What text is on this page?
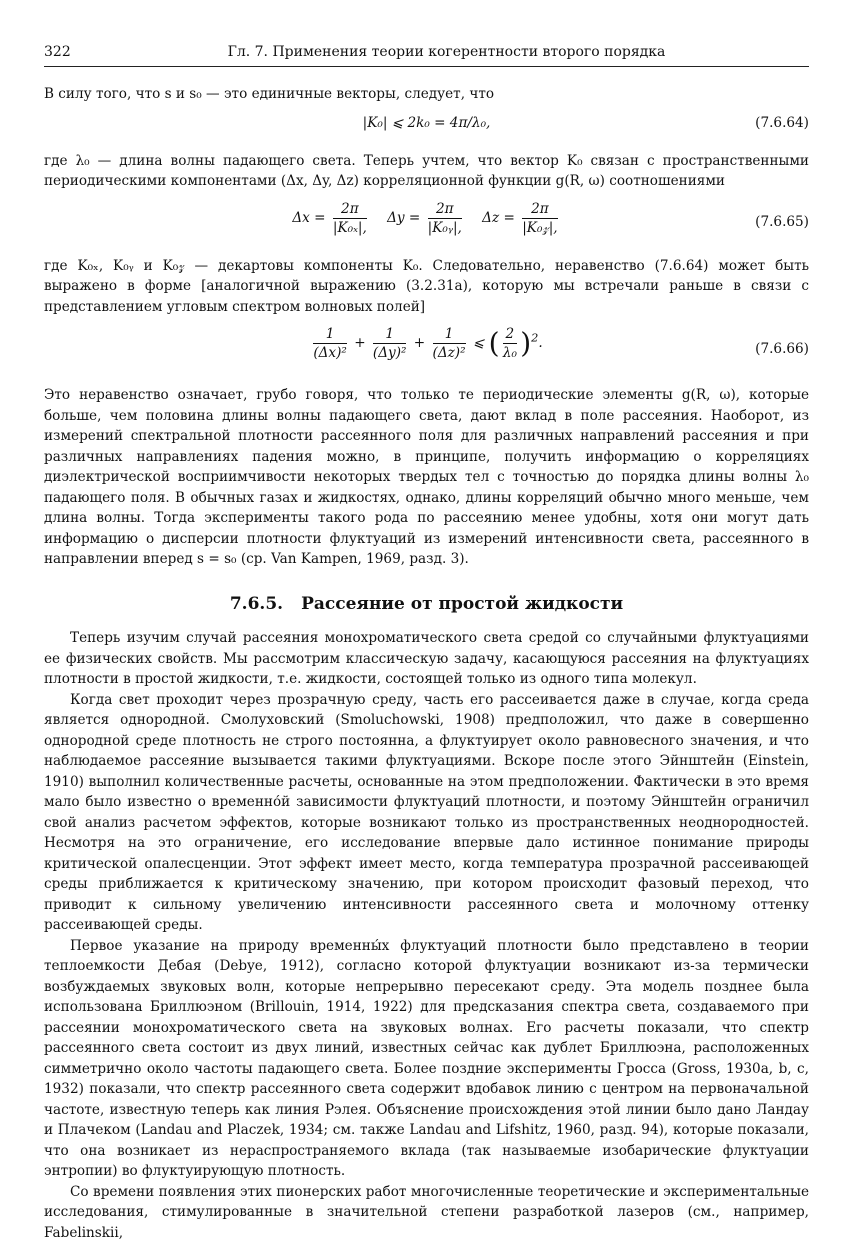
322	Гл. 7. Применения теории когерентности второго порядка

В силу того, что s и s₀ — это единичные векторы, следует, что

|K₀| ⩽ 2k₀ = 4π/λ₀,	(7.6.64)

где λ₀ — длина волны падающего света. Теперь учтем, что вектор K₀ связан с пространственными периодическими компонентами (Δx, Δy, Δz) корреляционной функции g(R, ω) соотношениями

$\Delta x = \frac{2\pi}{\text{|K₀ₓ|,}}$ $\Delta y = \frac{2\pi}{\text{|K₀ᵧ|,}}$ $\Delta z = \frac{2\pi}{\text{|K₀𝓏|,}}$	(7.6.65)

где K₀ₓ, K₀ᵧ и K₀𝓏 — декартовы компоненты K₀. Следовательно, неравенство (7.6.64) может быть выражено в форме [аналогичной выражению (3.2.31а), которую мы встречали раньше в связи с представлением угловым спектром волновых полей]

$\frac{1}{\text{(Δx)²}} + \frac{1}{\text{(Δy)²}} + \frac{1}{\text{(Δz)²}}$ ⩽ ( $\frac{2}{\text{λ₀}} )^2$.	(7.6.66)

Это неравенство означает, грубо говоря, что только те периодические элементы g(R, ω), которые больше, чем половина длины волны падающего света, дают вклад в поле рассеяния. Наоборот, из измерений спектральной плотности рассеянного поля для различных направлений рассеяния и при различных направлениях падения можно, в принципе, получить информацию о корреляциях диэлектрической восприимчивости некоторых твердых тел с точностью до порядка длины волны λ₀ падающего поля. В обычных газах и жидкостях, однако, длины корреляций обычно много меньше, чем длина волны. Тогда эксперименты такого рода по рассеянию менее удобны, хотя они могут дать информацию о дисперсии плотности флуктуаций из измерений интенсивности света, рассеянного в направлении вперед s = s₀ (ср. Van Kampen, 1969, разд. 3).

7.6.5. Рассеяние от простой жидкости

Теперь изучим случай рассеяния монохроматического света средой со случайными флуктуациями ее физических свойств. Мы рассмотрим классическую задачу, касающуюся рассеяния на флуктуациях плотности в простой жидкости, т.е. жидкости, состоящей только из одного типа молекул.

Когда свет проходит через прозрачную среду, часть его рассеивается даже в случае, когда среда является однородной. Смолуховский (Smoluchowski, 1908) предположил, что даже в совершенно однородной среде плотность не строго постоянна, а флуктуирует около равновесного значения, и что наблюдаемое рассеяние вызывается такими флуктуациями. Вскоре после этого Эйнштейн (Einstein, 1910) выполнил количественные расчеты, основанные на этом предположении. Фактически в это время мало было известно о временно́й зависимости флуктуаций плотности, и поэтому Эйнштейн ограничил свой анализ расчетом эффектов, которые возникают только из пространственных неоднородностей. Несмотря на это ограничение, его исследование впервые дало истинное понимание природы критической опалесценции. Этот эффект имеет место, когда температура прозрачной рассеивающей среды приближается к критическому значению, при котором происходит фазовый переход, что приводит к сильному увеличению интенсивности рассеянного света и молочному оттенку рассеивающей среды.

Первое указание на природу временны́х флуктуаций плотности было представлено в теории теплоемкости Дебая (Debye, 1912), согласно которой флуктуации возникают из-за термически возбуждаемых звуковых волн, которые непрерывно пересекают среду. Эта модель позднее была использована Бриллюэном (Brillouin, 1914, 1922) для предсказания спектра света, создаваемого при рассеянии монохроматического света на звуковых волнах. Его расчеты показали, что спектр рассеянного света состоит из двух линий, известных сейчас как дублет Бриллюэна, расположенных симметрично около частоты падающего света. Более поздние эксперименты Гросса (Gross, 1930a, b, c, 1932) показали, что спектр рассеянного света содержит вдобавок линию с центром на первоначальной частоте, известную теперь как линия Рэлея. Объяснение происхождения этой линии было дано Ландау и Плачеком (Landau and Placzek, 1934; см. также Landau and Lifshitz, 1960, разд. 94), которые показали, что она возникает из нераспространяемого вклада (так называемые изобарические флуктуации энтропии) во флуктуирующую плотность.

Со времени появления этих пионерских работ многочисленные теоретические и экспериментальные исследования, стимулированные в значительной степени разработкой лазеров (см., например, Fabelinskii,
